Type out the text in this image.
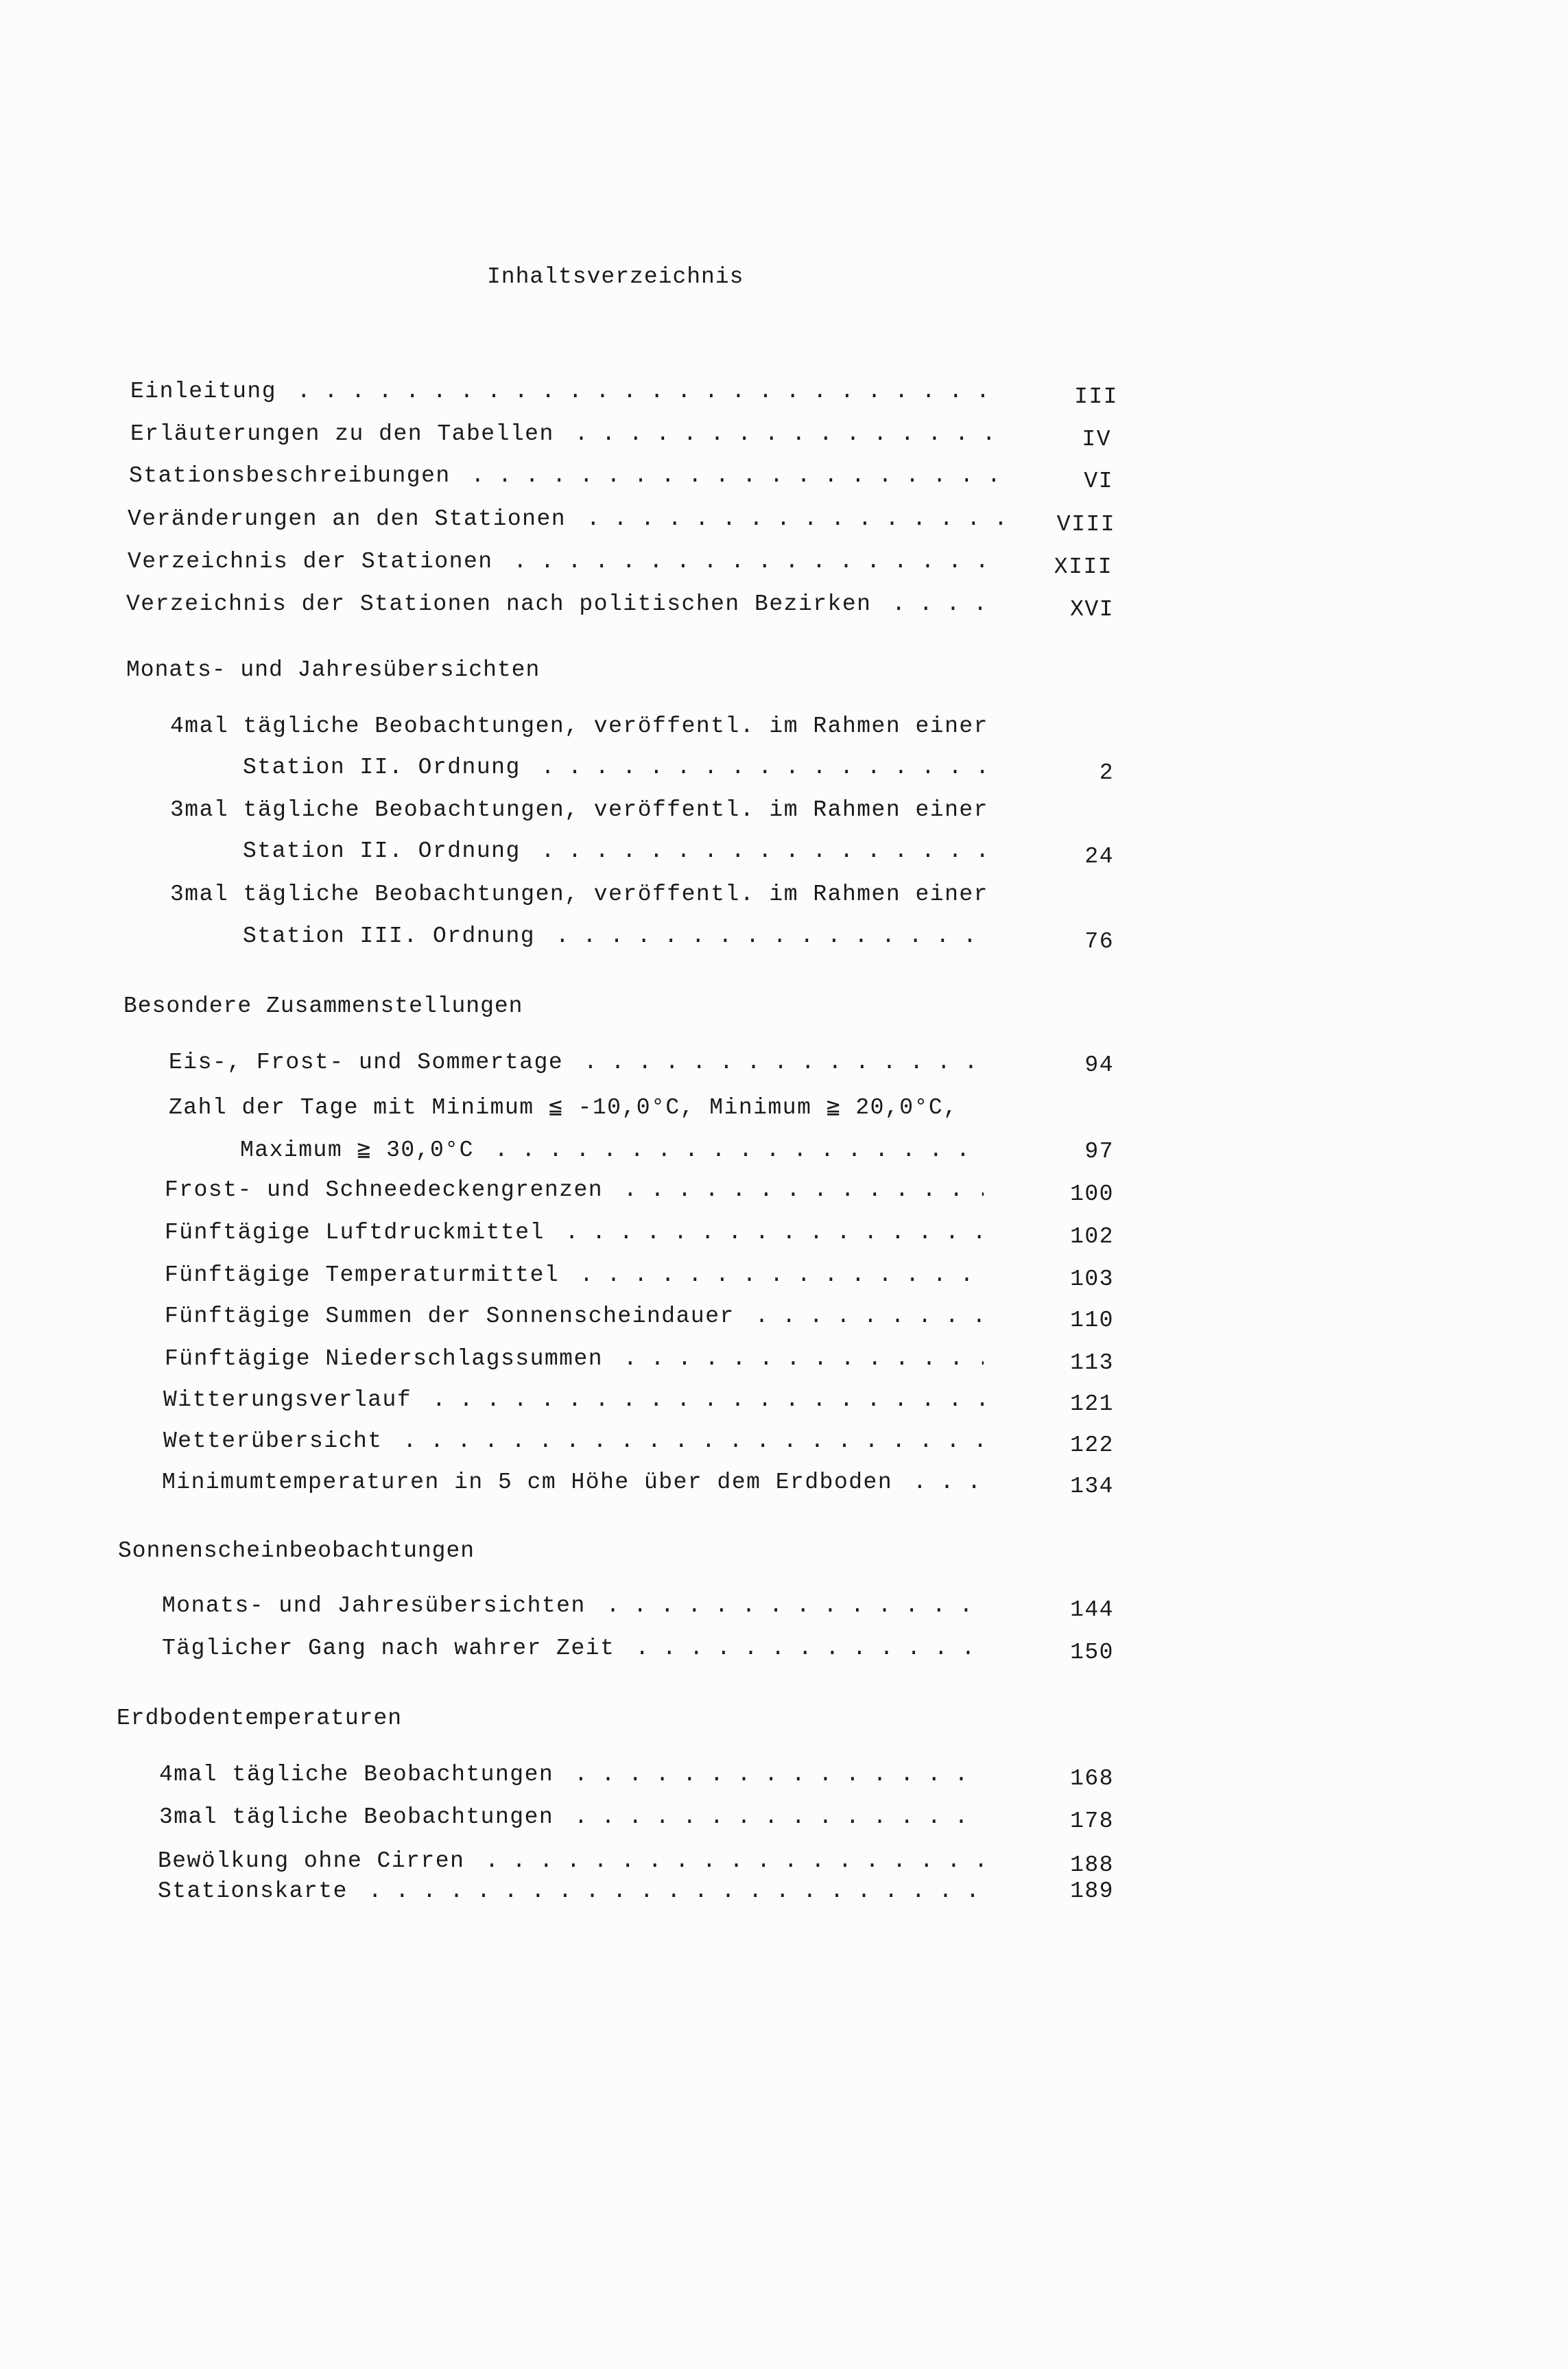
Inhaltsverzeichnis
Einleitung . . .	III
Erläuterungen zu den Tabellen . . .	IV
Stationsbeschreibungen . . .	VI
Veränderungen an den Stationen . . .	VIII
Verzeichnis der Stationen . . .	XIII
Verzeichnis der Stationen nach politischen Bezirken . . .	XVI
Monats- und Jahresübersichten
4mal tägliche Beobachtungen, veröffentl. im Rahmen einer
Station II. Ordnung . . .	2
3mal tägliche Beobachtungen, veröffentl. im Rahmen einer
Station II. Ordnung . . .	24
3mal tägliche Beobachtungen, veröffentl. im Rahmen einer
Station III. Ordnung . . .	76
Besondere Zusammenstellungen
Eis-, Frost- und Sommertage . . .	94
Zahl der Tage mit Minimum ≦ -10,0°C, Minimum ≧ 20,0°C,
Maximum ≧ 30,0°C . . .	97
Frost- und Schneedeckengrenzen . . .	100
Fünftägige Luftdruckmittel . . .	102
Fünftägige Temperaturmittel . . .	103
Fünftägige Summen der Sonnenscheindauer . . .	110
Fünftägige Niederschlagssummen . . .	113
Witterungsverlauf . . .	121
Wetterübersicht . . .	122
Minimumtemperaturen in 5 cm Höhe über dem Erdboden . . .	134
Sonnenscheinbeobachtungen
Monats- und Jahresübersichten . . .	144
Täglicher Gang nach wahrer Zeit . . .	150
Erdbodentemperaturen
4mal tägliche Beobachtungen . . .	168
3mal tägliche Beobachtungen . . .	178
Bewölkung ohne Cirren . . .	188
Stationskarte . . .	189
